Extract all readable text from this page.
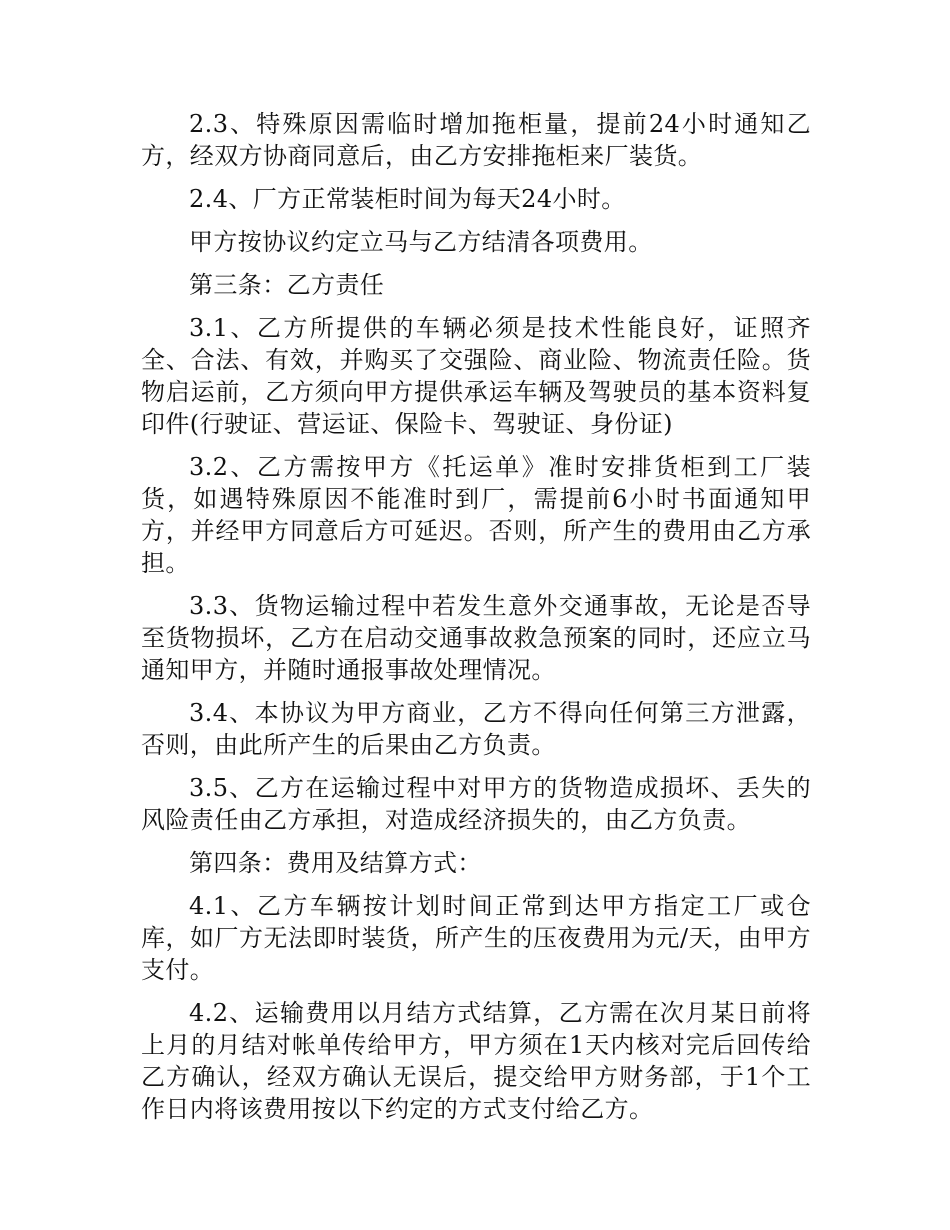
2.3、特殊原因需临时增加拖柜量，提前24小时通知乙方，经双方协商同意后，由乙方安排拖柜来厂装货。

2.4、厂方正常装柜时间为每天24小时。

甲方按协议约定立马与乙方结清各项费用。

第三条：乙方责任

3.1、乙方所提供的车辆必须是技术性能良好，证照齐全、合法、有效，并购买了交强险、商业险、物流责任险。货物启运前，乙方须向甲方提供承运车辆及驾驶员的基本资料复印件(行驶证、营运证、保险卡、驾驶证、身份证)

3.2、乙方需按甲方《托运单》准时安排货柜到工厂装货，如遇特殊原因不能准时到厂，需提前6小时书面通知甲方，并经甲方同意后方可延迟。否则，所产生的费用由乙方承担。

3.3、货物运输过程中若发生意外交通事故，无论是否导至货物损坏，乙方在启动交通事故救急预案的同时，还应立马通知甲方，并随时通报事故处理情况。

3.4、本协议为甲方商业，乙方不得向任何第三方泄露，否则，由此所产生的后果由乙方负责。

3.5、乙方在运输过程中对甲方的货物造成损坏、丢失的风险责任由乙方承担，对造成经济损失的，由乙方负责。

第四条：费用及结算方式：

4.1、乙方车辆按计划时间正常到达甲方指定工厂或仓库，如厂方无法即时装货，所产生的压夜费用为元/天，由甲方支付。

4.2、运输费用以月结方式结算，乙方需在次月某日前将上月的月结对帐单传给甲方，甲方须在1天内核对完后回传给乙方确认，经双方确认无误后，提交给甲方财务部，于1个工作日内将该费用按以下约定的方式支付给乙方。
